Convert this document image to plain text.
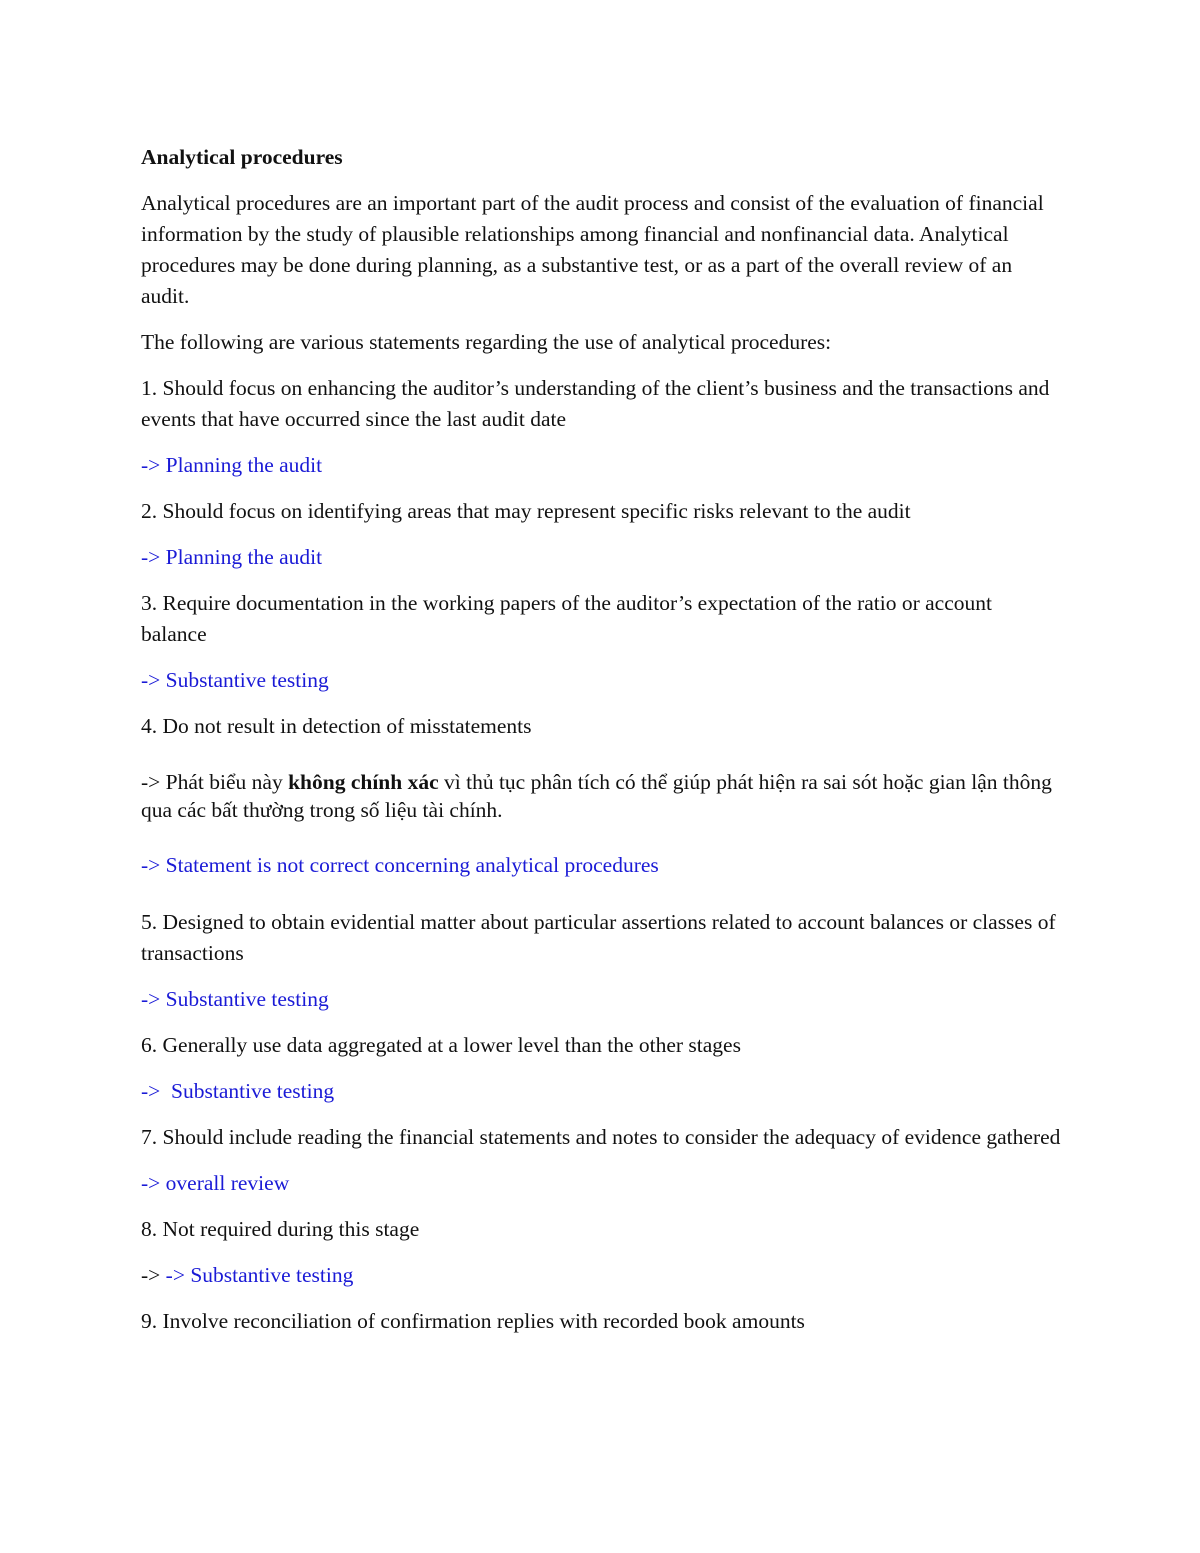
Analytical procedures

Analytical procedures are an important part of the audit process and consist of the evaluation of financial information by the study of plausible relationships among financial and nonfinancial data. Analytical procedures may be done during planning, as a substantive test, or as a part of the overall review of an audit.

The following are various statements regarding the use of analytical procedures:

1. Should focus on enhancing the auditor’s understanding of the client’s business and the transactions and events that have occurred since the last audit date

-> Planning the audit

2. Should focus on identifying areas that may represent specific risks relevant to the audit

-> Planning the audit

3. Require documentation in the working papers of the auditor’s expectation of the ratio or account balance

-> Substantive testing

4. Do not result in detection of misstatements

-> Phát biểu này không chính xác vì thủ tục phân tích có thể giúp phát hiện ra sai sót hoặc gian lận thông qua các bất thường trong số liệu tài chính.

-> Statement is not correct concerning analytical procedures

5. Designed to obtain evidential matter about particular assertions related to account balances or classes of transactions

-> Substantive testing

6. Generally use data aggregated at a lower level than the other stages

->  Substantive testing

7. Should include reading the financial statements and notes to consider the adequacy of evidence gathered

-> overall review

8. Not required during this stage

-> -> Substantive testing

9. Involve reconciliation of confirmation replies with recorded book amounts
